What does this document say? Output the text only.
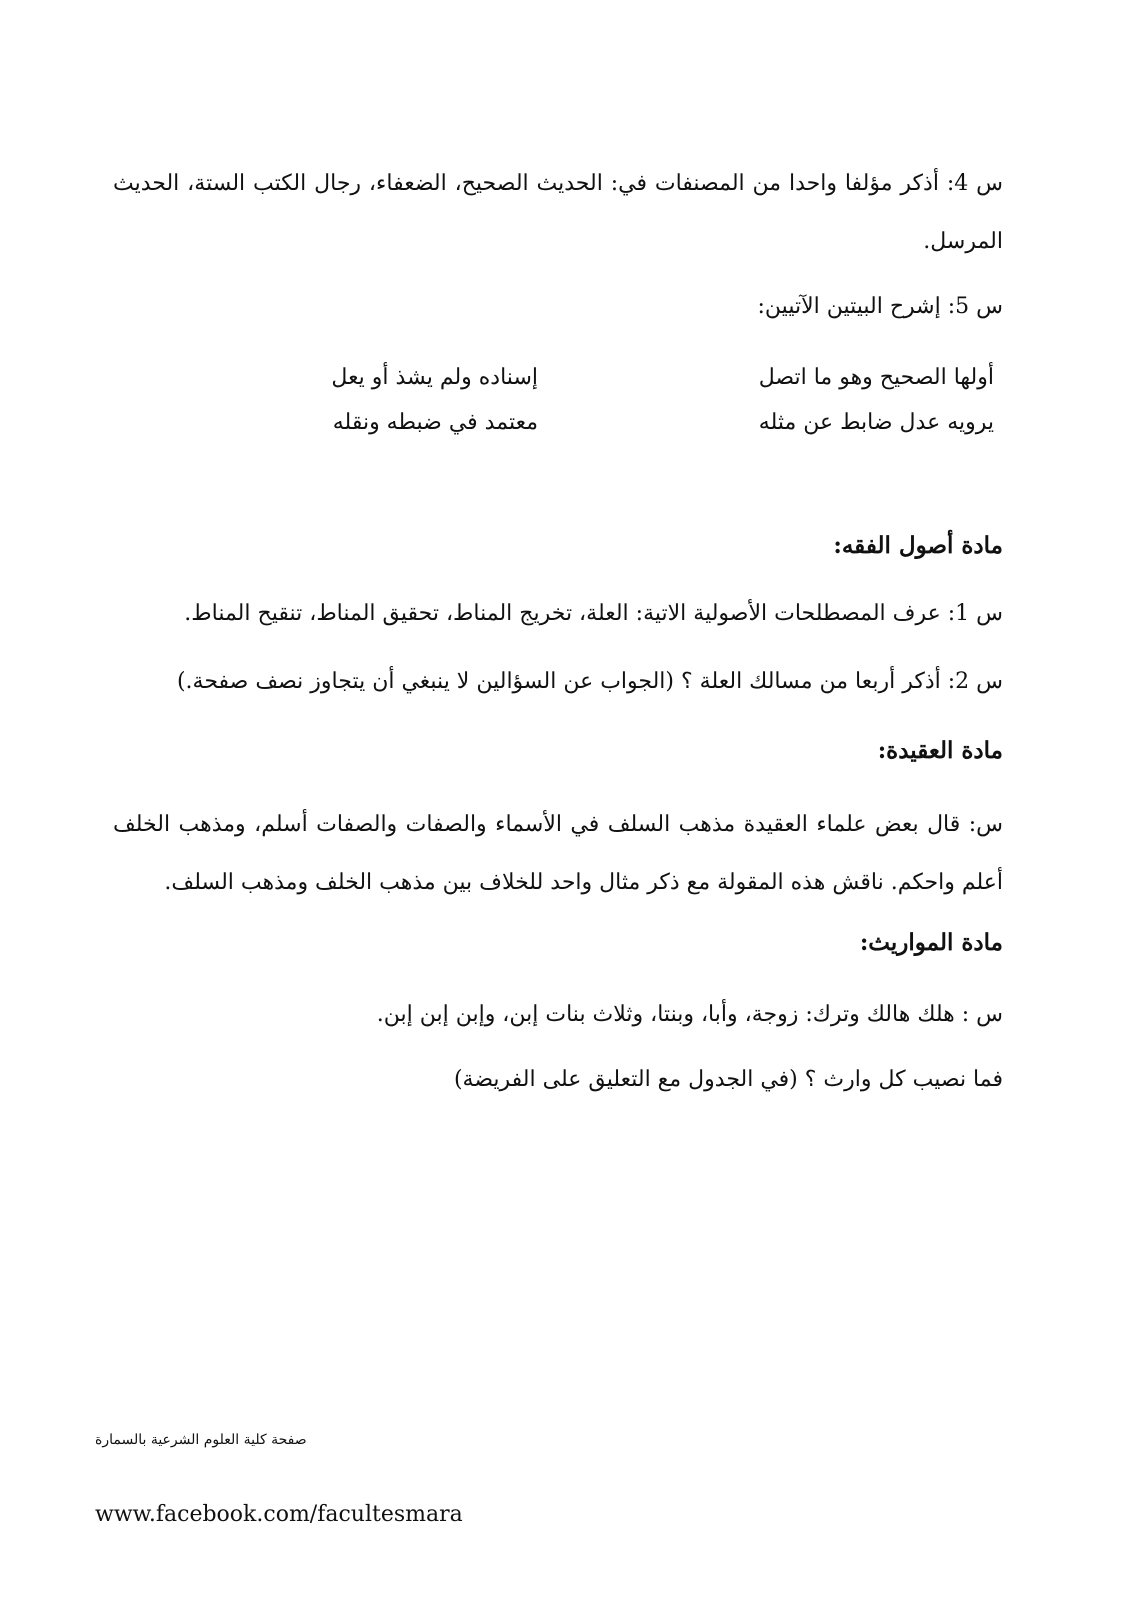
س 4: أذكر مؤلفا واحدا من المصنفات في: الحديث الصحيح، الضعفاء، رجال الكتب الستة، الحديث المرسل.
س 5: إشرح البيتين الآتيين:
أولها الصحيح وهو ما اتصل
إسناده ولم يشذ أو يعل
يرويه عدل ضابط عن مثله
معتمد في ضبطه ونقله
مادة أصول الفقه:
س 1: عرف المصطلحات الأصولية الاتية: العلة، تخريج المناط، تحقيق المناط، تنقيح المناط.
س 2: أذكر أربعا من مسالك العلة ؟ (الجواب عن السؤالين لا ينبغي أن يتجاوز نصف صفحة.)
مادة العقيدة:
س: قال بعض علماء العقيدة مذهب السلف في الأسماء والصفات والصفات أسلم، ومذهب الخلف أعلم واحكم. ناقش هذه المقولة مع ذكر مثال واحد للخلاف بين مذهب الخلف ومذهب السلف.
مادة المواريث:
س : هلك هالك وترك: زوجة، وأبا، وبنتا، وثلاث بنات إبن، وإبن إبن إبن.
فما نصيب كل وارث ؟ (في الجدول مع التعليق على الفريضة)
صفحة كلية العلوم الشرعية بالسمارة
www.facebook.com/facultesmara
